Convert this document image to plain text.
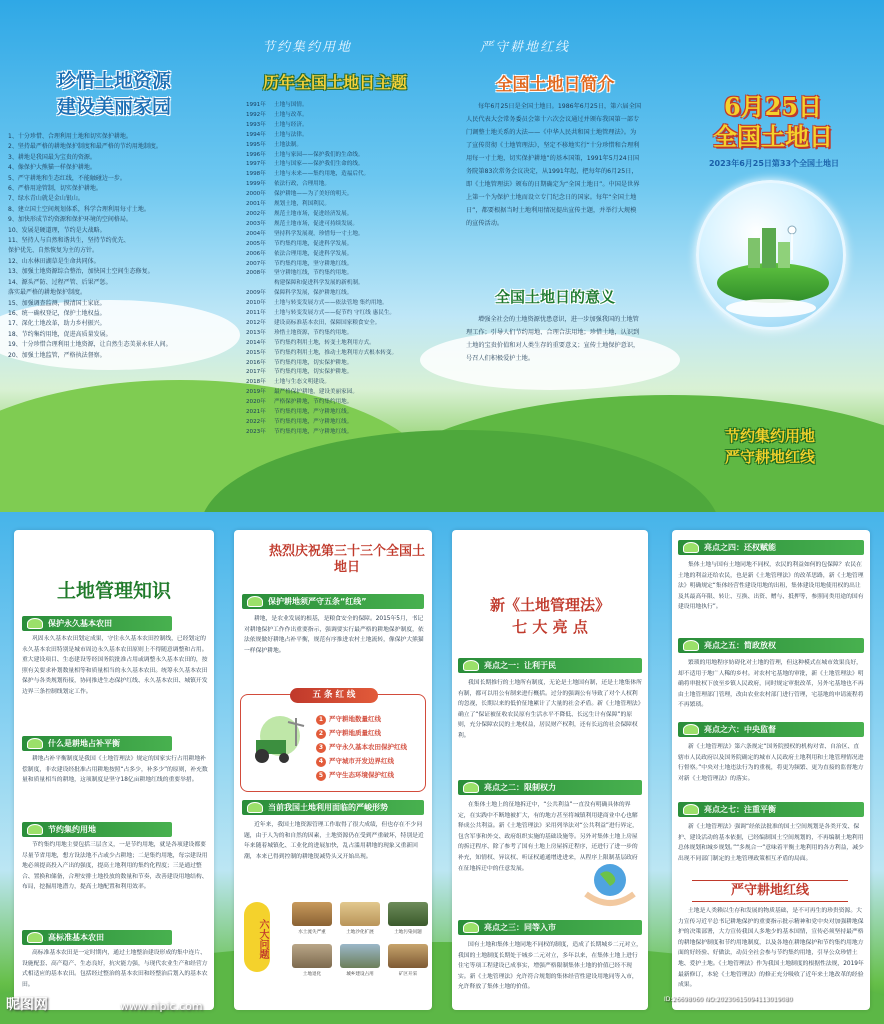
节约集约用地	严守耕地红线
珍惜土地资源
建设美丽家园
1、十分珍惜、合理利用土地和切实保护耕地。
2、坚持最严格的耕地保护制度和最严格的节约用地制度。
3、耕地是我国最为宝贵的资源。
4、像保护大熊猫一样保护耕地。
5、严守耕地和生态红线，不能触碰边一步。
6、严格用途管制，切实保护耕地。
7、绿水青山就是金山银山。
8、建立国土空间规划体系，科学合理利用每寸土地。
9、加快形成节约资源和保护环境的空间格局。
10、发展是硬道理，节约是大战略。
11、坚持人与自然和谐共生，坚持节约优先、
保护优先、自然恢复为主的方针。
12、山水林田湖草是生命共同体。
13、加强土地资源综合整治，加快国土空间生态修复。
14、源头严防、过程严管、后果严惩。
落实最严格的耕地保护制度。
15、加强调查监测，摸清国土家底。
16、统一确权登记，保护土地权益。
17、深化土地改革，助力乡村振兴。
18、节约集约用地，促进高质量发展。
19、十分珍惜合理利用土地资源，让自然生态美景永驻人间。
20、加强土地监管，严格执法督察。
历年全国土地日主题
1991年 土地与国情。
1992年 土地与改革。
1993年 土地与经济。
1994年 土地与法律。
1995年 土地法制。
1996年 土地与家园——保护我们的生命线。
1997年 土地与国家——保护我们生命的线。
1998年 土地与未来——集约用地，造福后代。
1999年 依法行政，合理用地。
2000年 保护耕地——为了美好的明天。
2001年 规划土地，利国利民。
2002年 规范土地市场，促进经济发展。
2003年 规范土地市场，促进可持续发展。
2004年 坚持科学发展观，珍惜每一寸土地。
2005年 节约集约用地，促进科学发展。
2006年 依法合理用地，促进科学发展。
2007年 节约集约用地，坚守耕地红线。
2008年 坚守耕地红线，节约集约用地。
构建保障和促进科学发展的新机制。
2009年 保障科学发展，保护耕地红线。
2010年 土地与转变发展方式——依法管地 集约用地。
2011年 土地与转变发展方式——促节约 守红线 惠民生。
2012年 建设高标准基本农田，保障国家粮食安全。
2013年 珍惜土地资源，节约集约用地。
2014年 节约集约利用土地，转变土地利用方式。
2015年 节约集约利用土地，推动土地利用方式根本转变。
2016年 节约集约用地，切实保护耕地。
2017年 节约集约用地，切实保护耕地。
2018年 土地与生态文明建设。
2019年 最严格保护耕地，建设美丽家园。
2020年 严格保护耕地，节约集约用地。
2021年 节约集约用地，严守耕地红线。
2022年 节约集约用地，严守耕地红线。
2023年 节约集约用地，严守耕地红线。
全国土地日简介
每年6月25日是全国土地日。1986年6月25日，第六届全国人民代表大会常务委员会第十六次会议通过并颁布我国第一部专门调整土地关系的大法——《中华人民共和国土地管理法》。为了宣传贯彻《土地管理法》，坚定不移地实行“十分珍惜和合理利用每一寸土地，切实保护耕地”的基本国策，1991年5月24日国务院第83次常务会议决定，从1991年起，把每年的6月25日，即《土地管理法》颁布的日期确定为“全国土地日”。中国是世界上第一个为保护土地而设立专门纪念日的国家。每年“全国土地日”，都要根据当时土地利用情况提出宣传主题，并举行大规模的宣传活动。
全国土地日的意义
增强全社会的土地资源忧患意识，进一步加强我国的土地管理工作；引导人们节约用地、合理合法用地；珍惜土地，认识到土地的宝贵价值和对人类生存的重要意义；宣传土地保护意识，号召人们积极爱护土地。
6月25日
全国土地日
2023年6月25日第33个全国土地日
节约集约用地
严守耕地红线
土地管理知识
保护永久基本农田
巩固永久基本农田划定成果，守住永久基本农田控制线，已经划定的永久基本农田特别是城市周边永久基本农田原则上不得随意调整和占用。重大建设项目、生态建设等经国务院批准占用或调整永久基本农田的，按照有关要求补划数量相等和质量相当的永久基本农田。统筹永久基本农田保护与各类规划衔接，协同推进生态保护红线、永久基本农田、城镇开发边界三条控制线划定工作。
什么是耕地占补平衡
耕地占补平衡制度是我国《土地管理法》规定的国家实行占用耕地补偿制度，非农建设经批准占用耕地按照“占多少，补多少”的原则，补充数量和质量相当的耕地，这项制度是坚守18亿亩耕地红线的重要举措。
节约集约用地
节约集约用地主要包括三层含义，一是节约用地，就是各项建设都要尽量节省用地，想方设法地不占或少占耕地；二是集约用地，每宗建设用地必须提高投入产出的强度，提高土地利用的集约化程度；三是通过整合、置换和储备，合理安排土地投放的数量和节奏，改善建设用地结构、布局，挖掘用地潜力，提高土地配置和利用效率。
高标准基本农田
高标准基本农田是一定时期内，通过土地整治建设形成的集中连片、设施配套、高产稳产、生态良好，抗灾能力强，与现代农业生产和经营方式相适应的基本农田。包括经过整治的基本农田和经整治后划入的基本农田。
热烈庆祝第三十三个全国土地日
保护耕地须严守五条“红线”
耕地，是农业发展的根基，是粮食安全的保障。2015年5月，书记对耕地保护工作作出重要指示，强调要实行最严格的耕地保护制度，依法依规做好耕地占补平衡，规范有序推进农村土地流转，像保护大熊猫一样保护耕地。
五 条 红 线
1 严守耕地数量红线
2 严守耕地质量红线
3 严守永久基本农田保护红线
4 严守城市开发边界红线
5 严守生态环境保护红线
当前我国土地利用面临的严峻形势
近年来，我国土地资源管理工作取得了很大成绩，但也存在不少问题，由于人为的和自然的因素，土地资源仍在受到严重破坏，特别是近年来随着城镇化、工业化的进展加快，乱占滥用耕地的现象又重新回潮，本来已得到控制的耕地锐减势头又开始出现。
六大问题	水土流失严重	土地沙化扩展	土地污染问题
土地退化	城乡建设占用	矿区开采
新《土地管理法》
七 大 亮 点
亮点之一：让利于民
我国长期推行的土地所有制度，无论是土地国有制，还是土地集体所有制，都可以用公有制来进行概括。过分的强调公有导致了对个人权利的忽视，长期以来的低价征地累计了大量的社会矛盾。新《土地管理法》确立了“保证被征收农民原有生活水平不降低、长远生计有保障”的原则，充分保障农民的土地权益，居民财产权利，还有长远的社会保障权利。
亮点之二：限制权力
在集体土地上的征地拆迁中，“公共利益”一直没有明确具体的界定，在实践中不断地被扩大，有的地方甚至将城镇利用建商业中心也解释成公共利益。新《土地管理法》采用列举法对“公共利益”进行界定，包含军事和外交、政府组织实施的基础设施等。另外对集体土地上房屋的拆迁程序、除了参考了国有土地上房屋拆迁程序，还进行了进一步的补充，知情权、异议权、听证权通通增进进来，从程序上限制基层政府在征地拆迁中的任意发展。
亮点之三：同等入市
国有土地和集体土地同地不同权的制度，造成了长期城乡二元对立，我国的土地制度长期处于城乡二元对立，多年以来，在集体土地上进行住宅等项工程建设已成事实，增强严格限制集体土地的价值已经不现实。新《土地管理法》允许符合规划的集体经营性建设用地同等入市，允许释放了集体土地的价值。
亮点之四：还权赋能
集体土地与国有土地同地不同权，农民的利益如何的包保障？农民在土地的利益还给农民，也是新《土地管理法》的改革思路，新《土地管理法》明确规定“集体经营性建设用地的出租，集体建设用地使用权的出让及其最高年限、转让、互换、出资、赠与、抵押等，参照同类用途的国有建设用地执行”。
亮点之五：简政放权
繁琐的用地程序妨碍化对土地的管理，但这种模式在城市效果良好，却不适用于地广人稀的乡村。对农村宅基地的审批，新《土地管理法》明确将审批权下放至乡镇人民政府，同时规定审批改革，另外宅基地也不再由土地管理部门管理，改由农业农村部门进行管理，宅基地的申请流程将不再繁琐。
亮点之六：中央监督
新《土地管理法》第六条规定“国务院授权的机构对省、自治区、直辖市人民政府以及国务院确定的城市人民政府土地利用和土地管理情况进行督察。”中央对土地违法行为的重视，将更为频繁、更为直接的监督地方对新《土地管理法》的落实。
亮点之七：注重平衡
新《土地管理法》强调“经依法批准的国土空间规划是各类开发、保护、建设活动的基本依据，已经编制国土空间规划的，不再编制土地利用总体规划和城乡规划。”“多规合一”意味着平衡土地利用的各方利益，减少出现不同部门制定的土地管理政策相互矛盾的局面。
严守耕地红线
土地是人类赖以生存和发展的物质基础，是不可再生的珍贵资源。大力宣传习近平总书记耕地保护的重要指示批示精神和党中央对加强耕地保护的决策部署，大力宣传我国人多地少的基本国情，宣传必须坚持最严格的耕地保护制度和节约用地制度，以及各地在耕地保护和节约集约用地方面的好经验、好做法，动员全社会参与节约集约用地，引导公众珍惜土地、爱护土地。《土地管理法》作为我国土地制度的根据性法规，2019年最新修订，本轮《土地管理法》的修正充分吸收了近年来土地改革的经验成果。
昵图网	www.nipic.com
ID:26698060 NO:20230615094113019080
